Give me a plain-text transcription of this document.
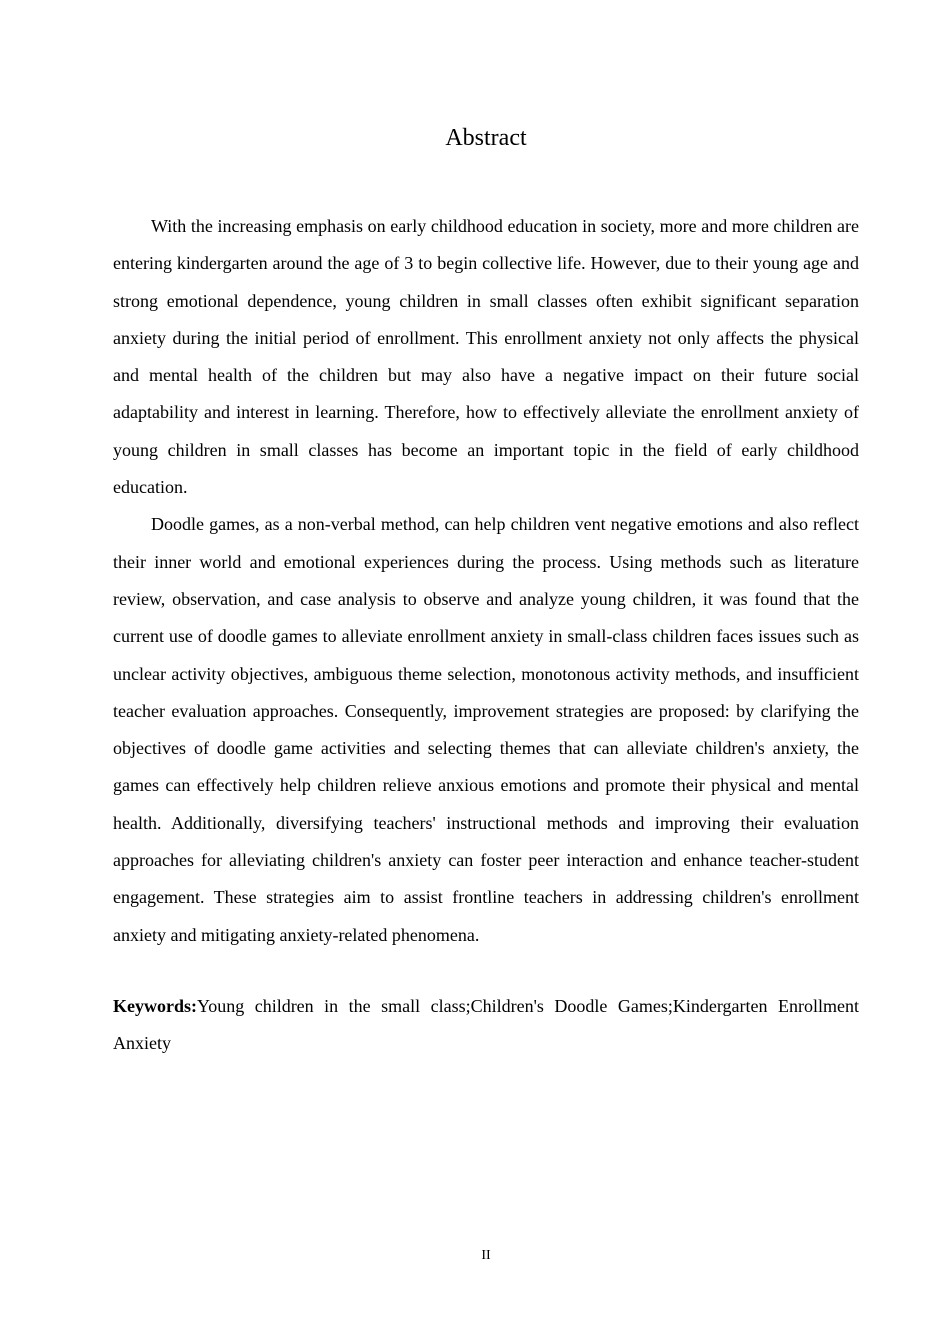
Abstract

With the increasing emphasis on early childhood education in society, more and more children are entering kindergarten around the age of 3 to begin collective life. However, due to their young age and strong emotional dependence, young children in small classes often exhibit significant separation anxiety during the initial period of enrollment. This enrollment anxiety not only affects the physical and mental health of the children but may also have a negative impact on their future social adaptability and interest in learning. Therefore, how to effectively alleviate the enrollment anxiety of young children in small classes has become an important topic in the field of early childhood education.

Doodle games, as a non-verbal method, can help children vent negative emotions and also reflect their inner world and emotional experiences during the process. Using methods such as literature review, observation, and case analysis to observe and analyze young children, it was found that the current use of doodle games to alleviate enrollment anxiety in small-class children faces issues such as unclear activity objectives, ambiguous theme selection, monotonous activity methods, and insufficient teacher evaluation approaches. Consequently, improvement strategies are proposed: by clarifying the objectives of doodle game activities and selecting themes that can alleviate children's anxiety, the games can effectively help children relieve anxious emotions and promote their physical and mental health. Additionally, diversifying teachers' instructional methods and improving their evaluation approaches for alleviating children's anxiety can foster peer interaction and enhance teacher-student engagement. These strategies aim to assist frontline teachers in addressing children's enrollment anxiety and mitigating anxiety-related phenomena.

Keywords:Young children in the small class;Children's Doodle Games;Kindergarten Enrollment  Anxiety

II
